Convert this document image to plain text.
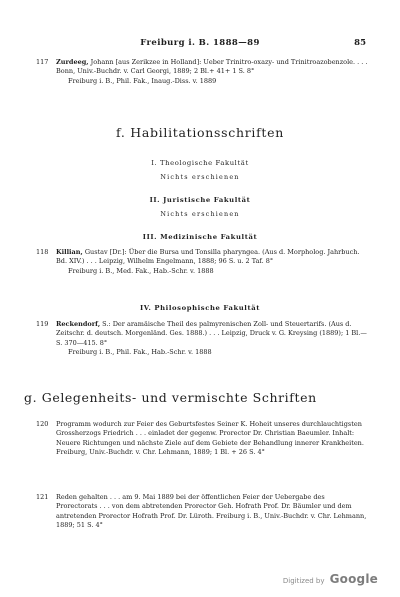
Freiburg i. B. 1888—89	85
117 Zurdeeg, Johann [aus Zerikzee in Holland]: Ueber Trinitro-oxazy- und Trinitroazobenzole. . . . Bonn, Univ.-Buchdr. v. Carl Georgi, 1889; 2 Bl.+ 41+ 1 S. 8°

Freiburg i. B., Phil. Fak., Inaug.-Diss. v. 1889

f. Habilitationsschriften
I. Theologische Fakultät
Nichts erschienen
II. Juristische Fakultät
Nichts erschienen
III. Medizinische Fakultät
118 Killian, Gustav [Dr.]: Über die Bursa und Tonsilla pharyngea. (Aus d. Morpholog. Jahrbuch. Bd. XIV.) . . . Leipzig, Wilhelm Engelmann, 1888; 96 S. u. 2 Taf. 8°

Freiburg i. B., Med. Fak., Hab.-Schr. v. 1888

IV. Philosophische Fakultät
119 Reckendorf, S.: Der aramäische Theil des palmyrenischen Zoll- und Steuertarifs. (Aus d. Zeitschr. d. deutsch. Morgenländ. Ges. 1888.) . . . Leipzig, Druck v. G. Kreysing (1889); 1 Bl.— S. 370—415. 8°

Freiburg i. B., Phil. Fak., Hab.-Schr. v. 1888

g. Gelegenheits- und vermischte Schriften
120 Programm wodurch zur Feier des Geburtsfestes Seiner K. Hoheit unseres durchlauchtigsten Grossherzogs Friedrich . . . einladet der gegenw. Prorector Dr. Christian Baeumler. Inhalt: Neuere Richtungen und nächste Ziele auf dem Gebiete der Behandlung innerer Krankheiten. Freiburg, Univ.-Buchdr. v. Chr. Lehmann, 1889; 1 Bl. + 26 S. 4°

121 Reden gehalten . . . am 9. Mai 1889 bei der öffentlichen Feier der Uebergabe des Prorectorats . . . von dem abtretenden Prorector Geh. Hofrath Prof. Dr. Bäumler und dem antretenden Prorector Hofrath Prof. Dr. Lüroth. Freiburg i. B., Univ.-Buchdr. v. Chr. Lehmann, 1889; 51 S. 4°

Digitized by Google
